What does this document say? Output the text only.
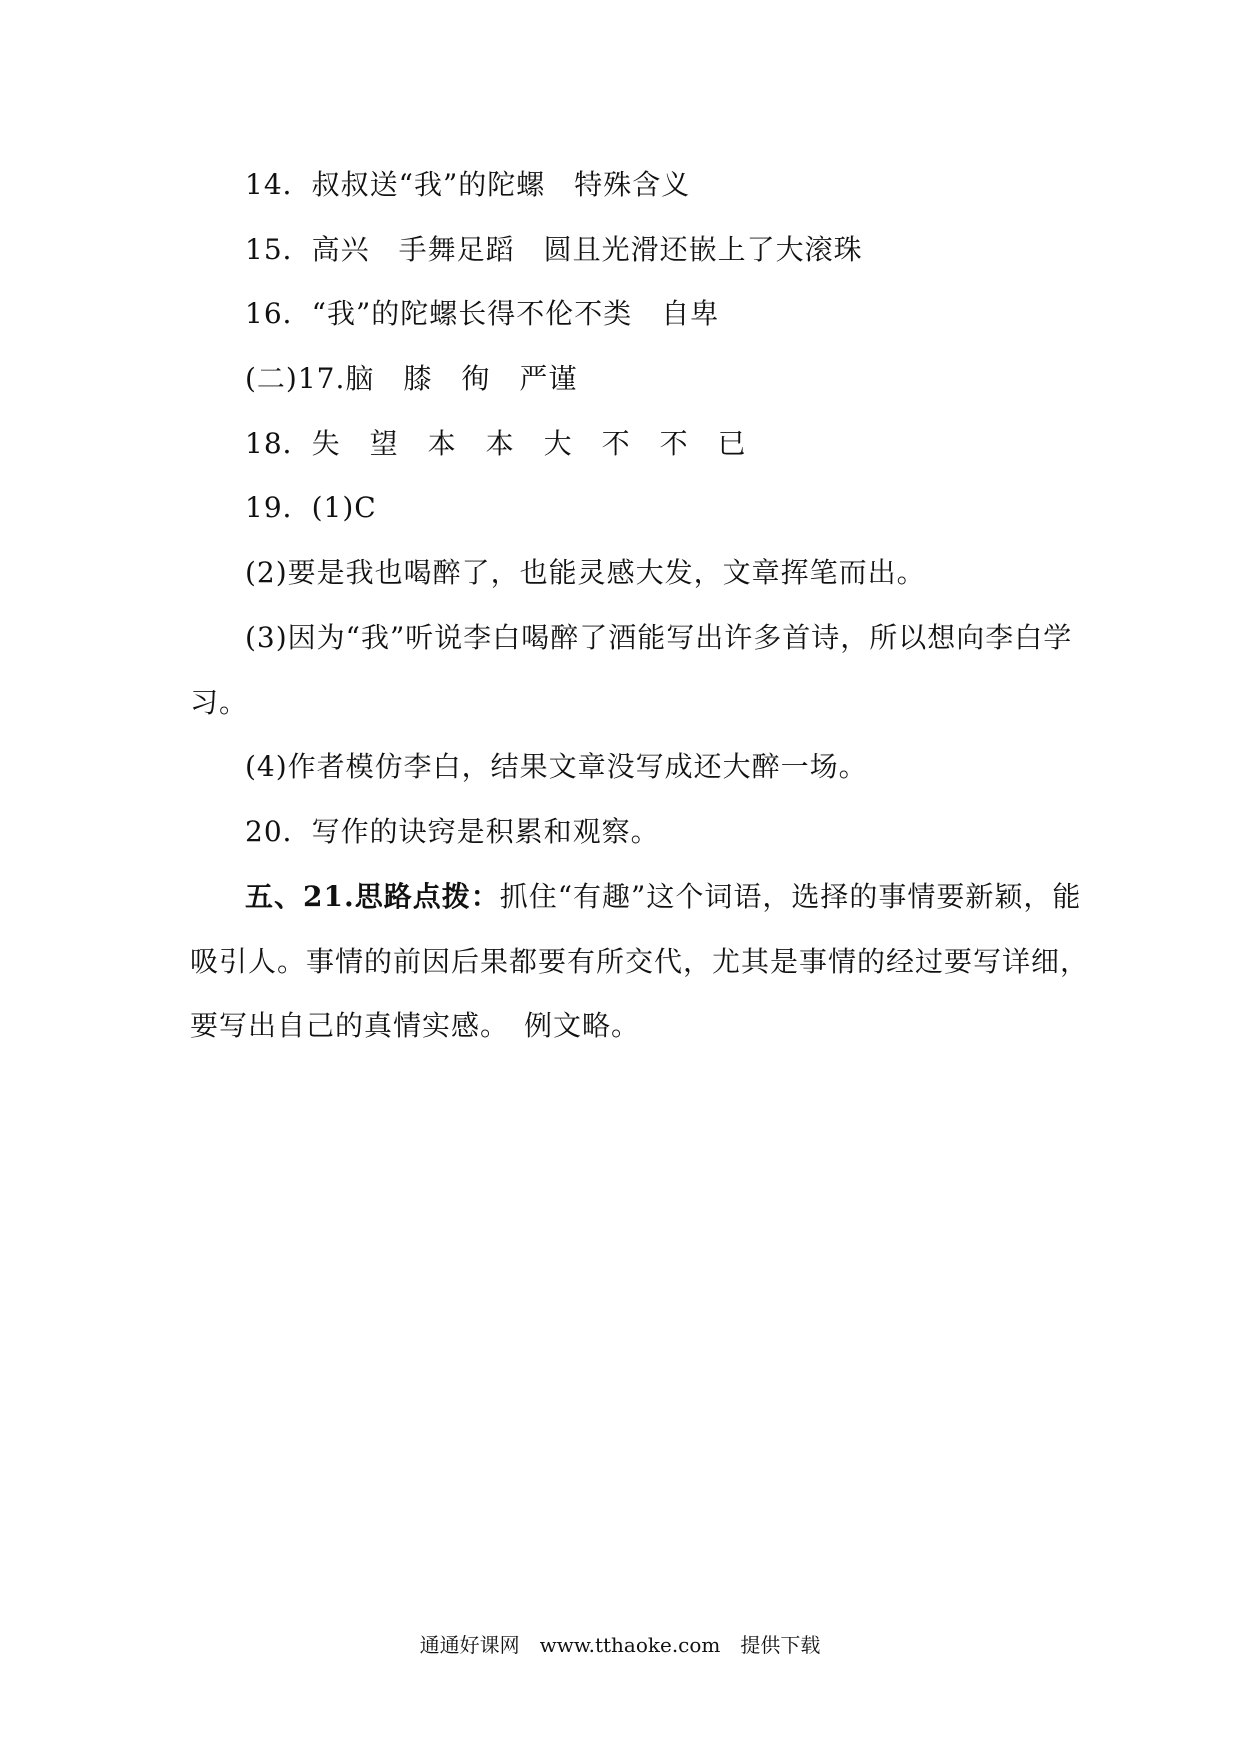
14．叔叔送“我”的陀螺　特殊含义
15．高兴　手舞足蹈　圆且光滑还嵌上了大滚珠
16．“我”的陀螺长得不伦不类　自卑
(二)17.脑　膝　徇　严谨
18．失　望　本　本　大　不　不　已
19．(1)C
(2)要是我也喝醉了，也能灵感大发，文章挥笔而出。
(3)因为“我”听说李白喝醉了酒能写出许多首诗，所以想向李白学
习。
(4)作者模仿李白，结果文章没写成还大醉一场。
20．写作的诀窍是积累和观察。
五、21.思路点拨：抓住“有趣”这个词语，选择的事情要新颖，能
吸引人。事情的前因后果都要有所交代，尤其是事情的经过要写详细，
要写出自己的真情实感。　例文略。
通通好课网　www.tthaoke.com　提供下载
